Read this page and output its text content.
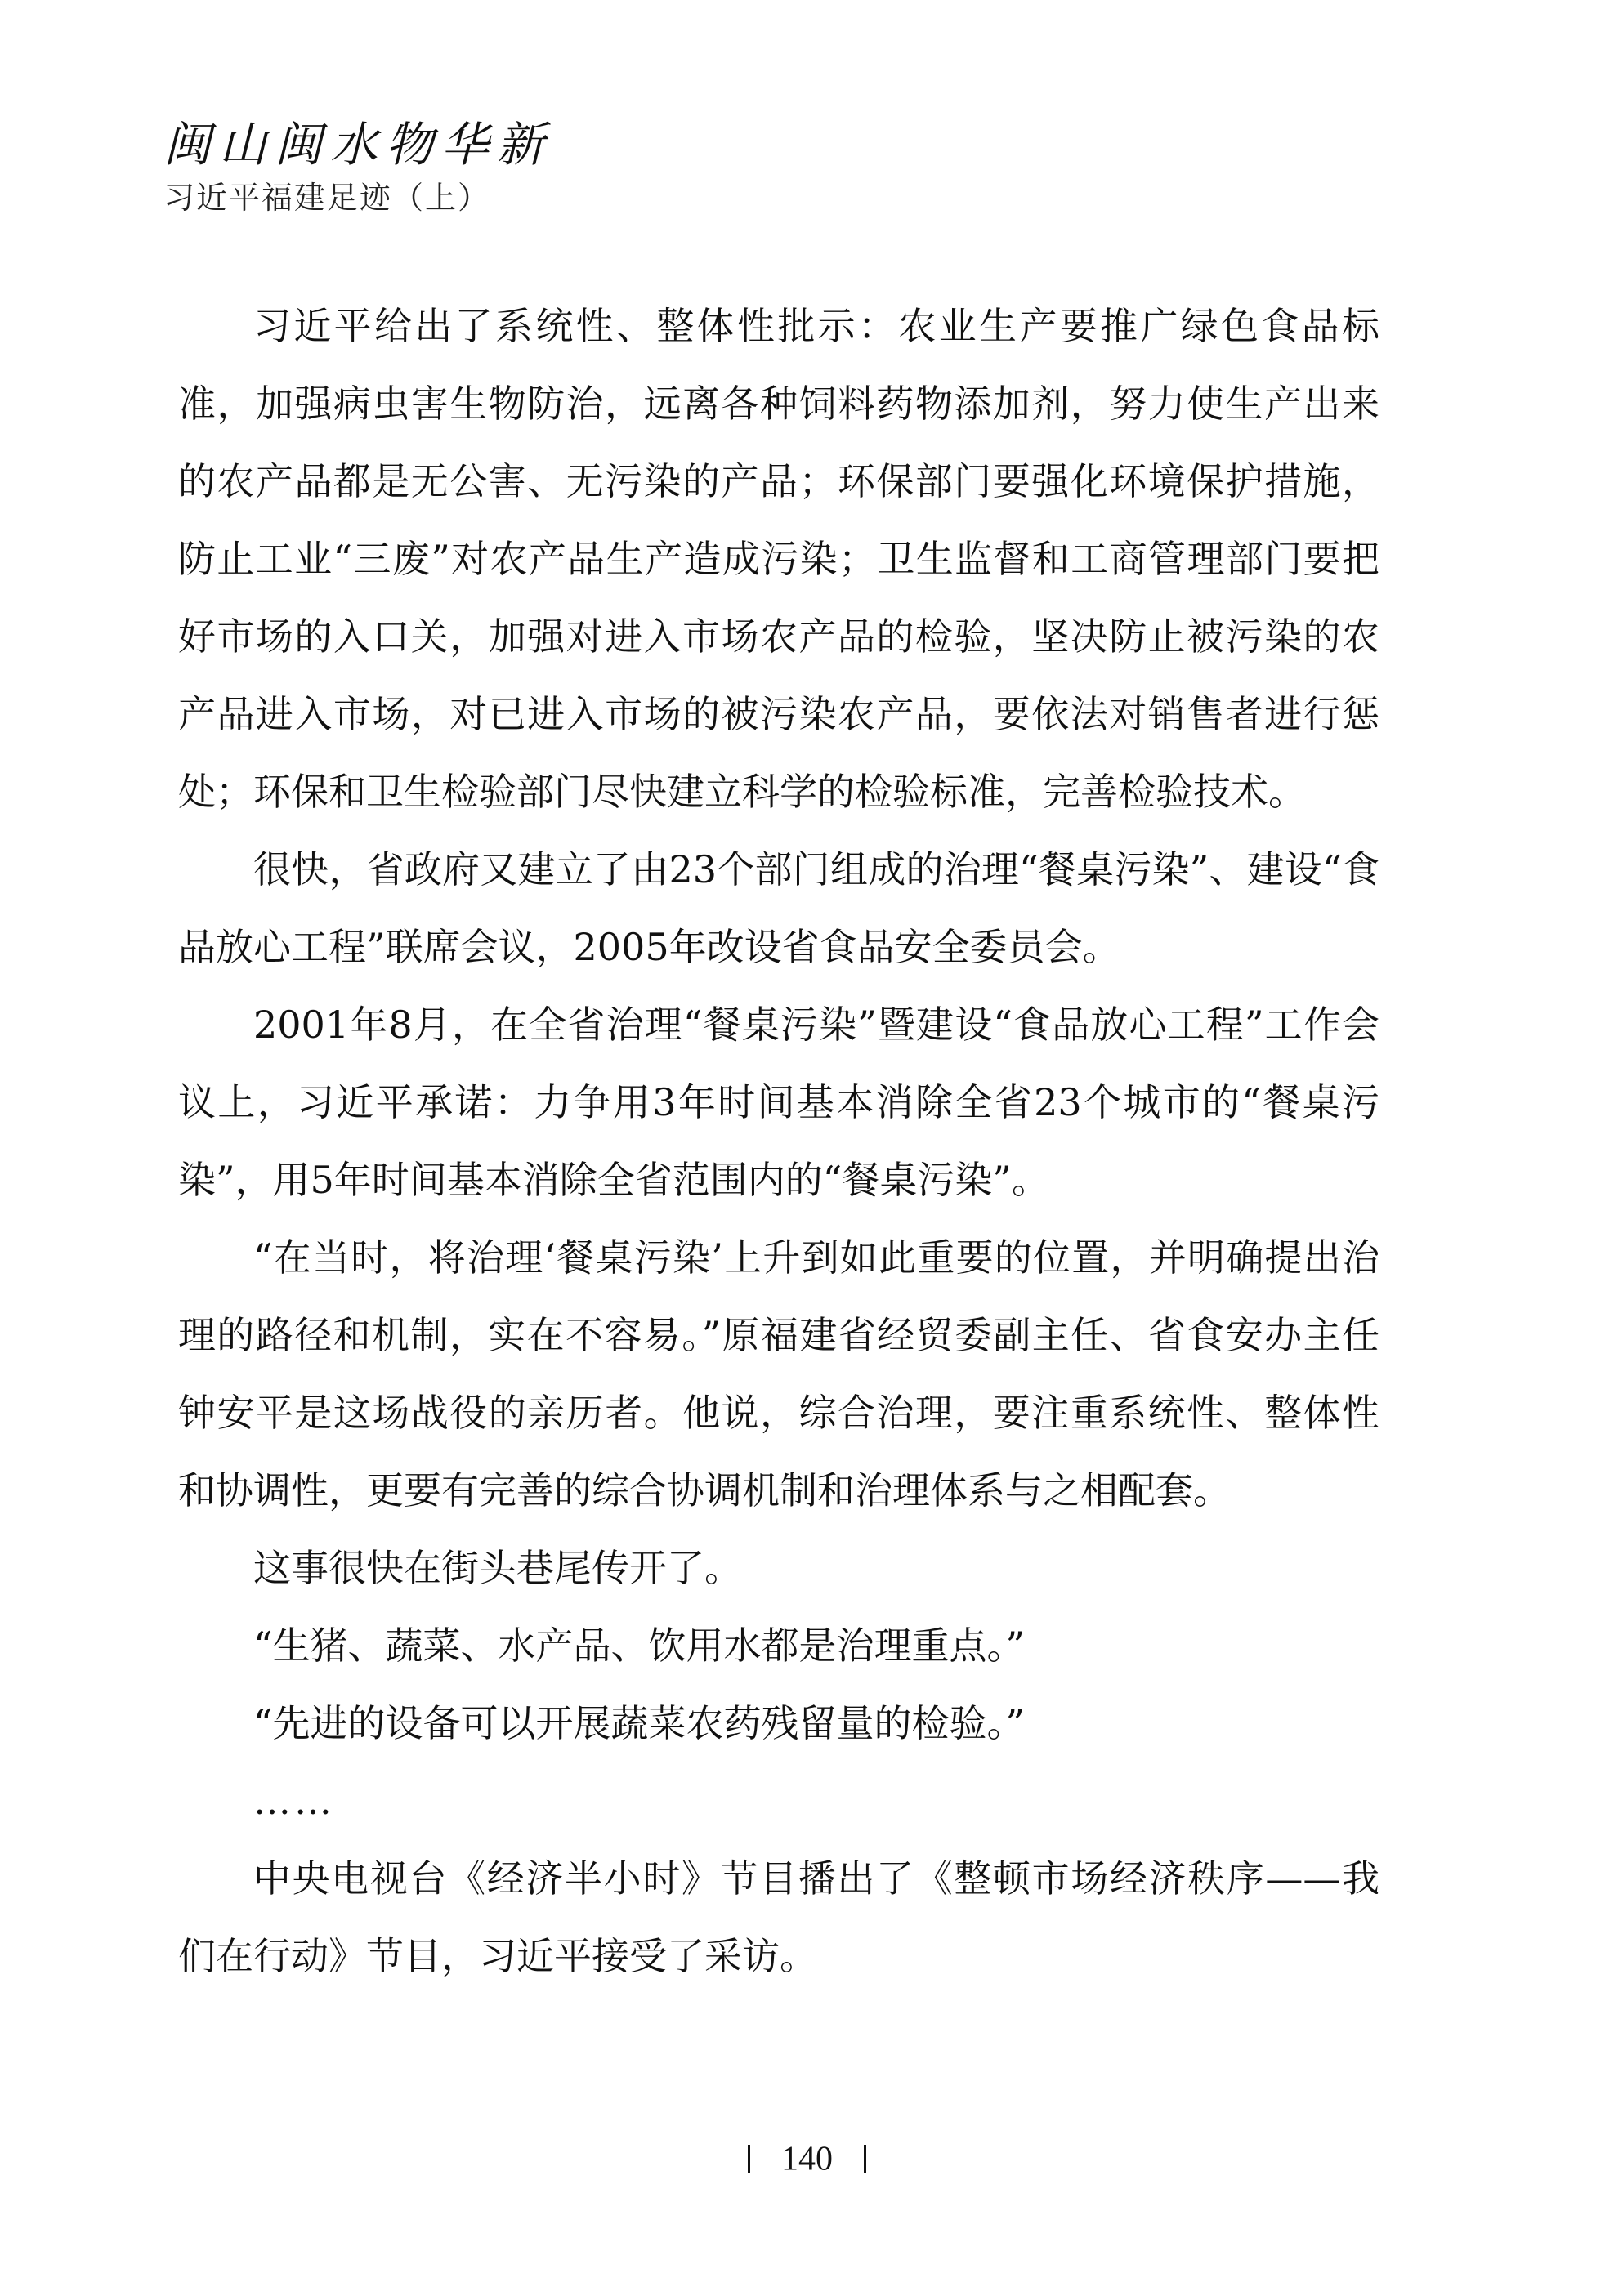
闽山闽水物华新
习近平福建足迹（上）

习近平给出了系统性、整体性批示：农业生产要推广绿色食品标准，加强病虫害生物防治，远离各种饲料药物添加剂，努力使生产出来的农产品都是无公害、无污染的产品；环保部门要强化环境保护措施，防止工业“三废”对农产品生产造成污染；卫生监督和工商管理部门要把好市场的入口关，加强对进入市场农产品的检验，坚决防止被污染的农产品进入市场，对已进入市场的被污染农产品，要依法对销售者进行惩处；环保和卫生检验部门尽快建立科学的检验标准，完善检验技术。

很快，省政府又建立了由23个部门组成的治理“餐桌污染”、建设“食品放心工程”联席会议，2005年改设省食品安全委员会。

2001年8月，在全省治理“餐桌污染”暨建设“食品放心工程”工作会议上，习近平承诺：力争用3年时间基本消除全省23个城市的“餐桌污染”，用5年时间基本消除全省范围内的“餐桌污染”。

“在当时，将治理‘餐桌污染’上升到如此重要的位置，并明确提出治理的路径和机制，实在不容易。”原福建省经贸委副主任、省食安办主任钟安平是这场战役的亲历者。他说，综合治理，要注重系统性、整体性和协调性，更要有完善的综合协调机制和治理体系与之相配套。

这事很快在街头巷尾传开了。

“生猪、蔬菜、水产品、饮用水都是治理重点。”

“先进的设备可以开展蔬菜农药残留量的检验。”

……

中央电视台《经济半小时》节目播出了《整顿市场经济秩序——我们在行动》节目，习近平接受了采访。

140
